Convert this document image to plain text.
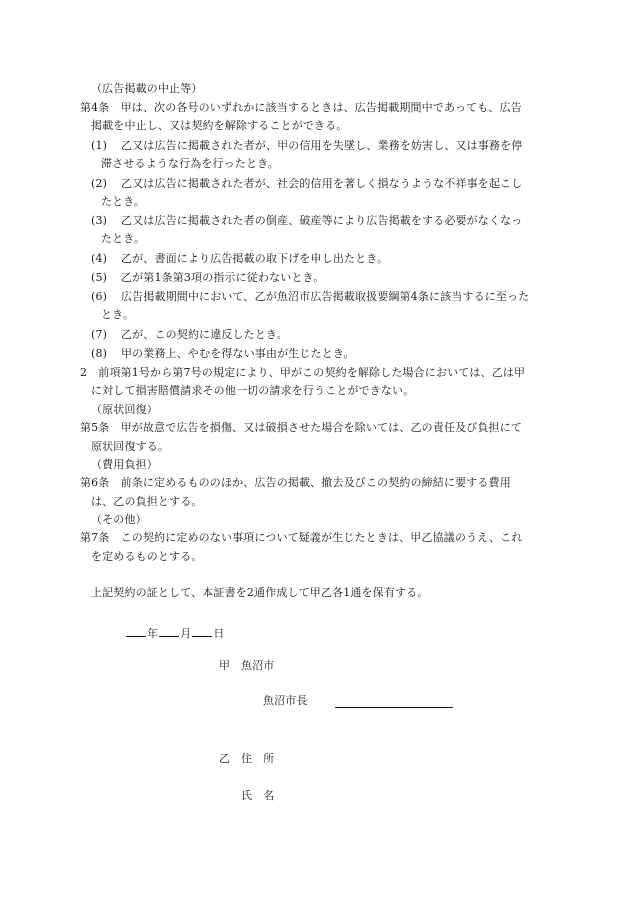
（広告掲載の中止等）
第4条　甲は、次の各号のいずれかに該当するときは、広告掲載期間中であっても、広告
掲載を中止し、又は契約を解除することができる。
(1) 乙又は広告に掲載された者が、甲の信用を失墜し、業務を妨害し、又は事務を停
滞させるような行為を行ったとき。
(2) 乙又は広告に掲載された者が、社会的信用を著しく損なうような不祥事を起こし
たとき。
(3) 乙又は広告に掲載された者の倒産、破産等により広告掲載をする必要がなくなっ
たとき。
(4) 乙が、書面により広告掲載の取下げを申し出たとき。
(5) 乙が第1条第3項の指示に従わないとき。
(6) 広告掲載期間中において、乙が魚沼市広告掲載取扱要綱第4条に該当するに至った
とき。
(7) 乙が、この契約に違反したとき。
(8) 甲の業務上、やむを得ない事由が生じたとき。
2　前項第1号から第7号の規定により、甲がこの契約を解除した場合においては、乙は甲
に対して損害賠償請求その他一切の請求を行うことができない。
（原状回復）
第5条　甲が故意で広告を損傷、又は破損させた場合を除いては、乙の責任及び負担にて
原状回復する。
（費用負担）
第6条　前条に定めるもののほか、広告の掲載、撤去及びこの契約の締結に要する費用
は、乙の負担とする。
（その他）
第7条　この契約に定めのない事項について疑義が生じたときは、甲乙協議のうえ、これ
を定めるものとする。
上記契約の証として、本証書を2通作成して甲乙各1通を保有する。
年 月 日
甲 魚沼市
魚沼市長
乙 住　所
氏　名
